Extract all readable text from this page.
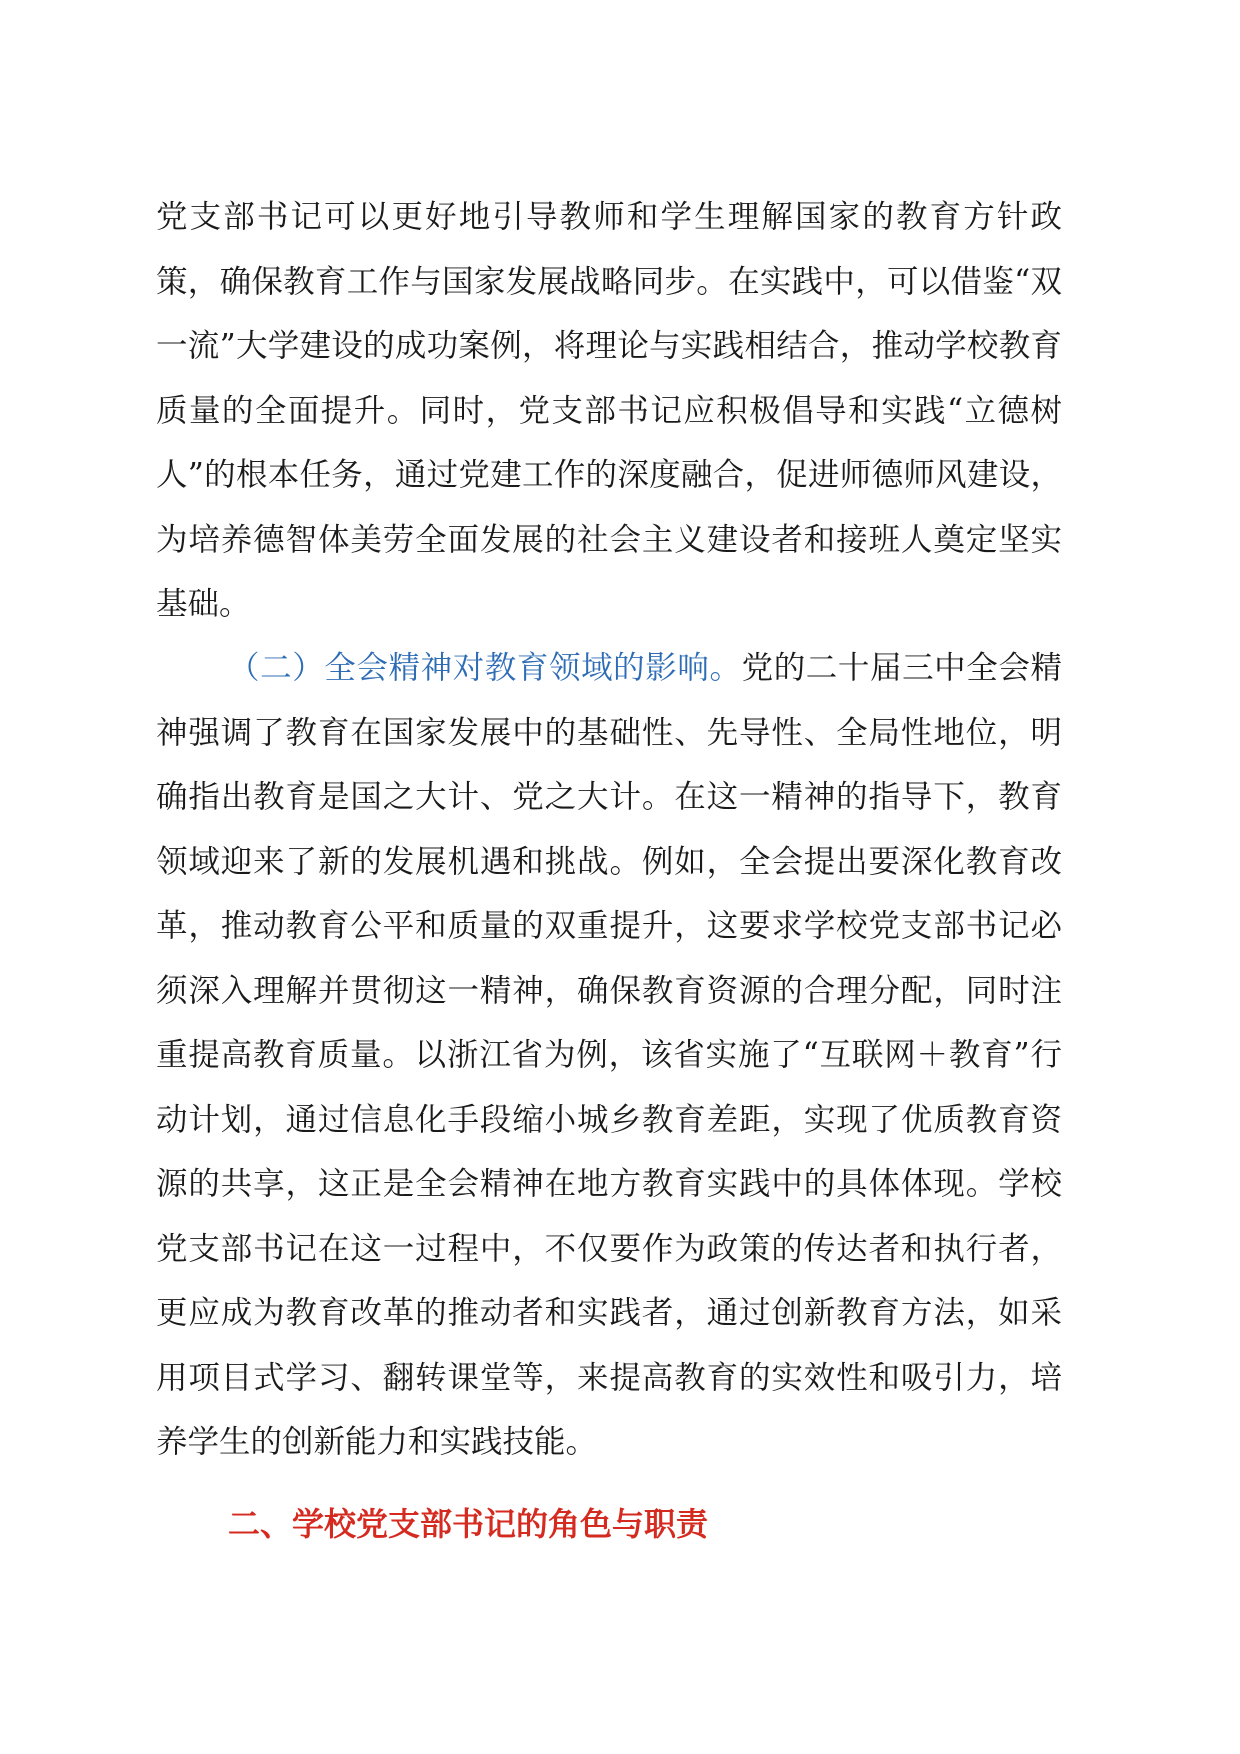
党支部书记可以更好地引导教师和学生理解国家的教育方针政策，确保教育工作与国家发展战略同步。在实践中，可以借鉴“双一流”大学建设的成功案例，将理论与实践相结合，推动学校教育质量的全面提升。同时，党支部书记应积极倡导和实践“立德树人”的根本任务，通过党建工作的深度融合，促进师德师风建设，为培养德智体美劳全面发展的社会主义建设者和接班人奠定坚实基础。

（二）全会精神对教育领域的影响。党的二十届三中全会精神强调了教育在国家发展中的基础性、先导性、全局性地位，明确指出教育是国之大计、党之大计。在这一精神的指导下，教育领域迎来了新的发展机遇和挑战。例如，全会提出要深化教育改革，推动教育公平和质量的双重提升，这要求学校党支部书记必须深入理解并贯彻这一精神，确保教育资源的合理分配，同时注重提高教育质量。以浙江省为例，该省实施了“互联网＋教育”行动计划，通过信息化手段缩小城乡教育差距，实现了优质教育资源的共享，这正是全会精神在地方教育实践中的具体体现。学校党支部书记在这一过程中，不仅要作为政策的传达者和执行者，更应成为教育改革的推动者和实践者，通过创新教育方法，如采用项目式学习、翻转课堂等，来提高教育的实效性和吸引力，培养学生的创新能力和实践技能。

二、学校党支部书记的角色与职责
